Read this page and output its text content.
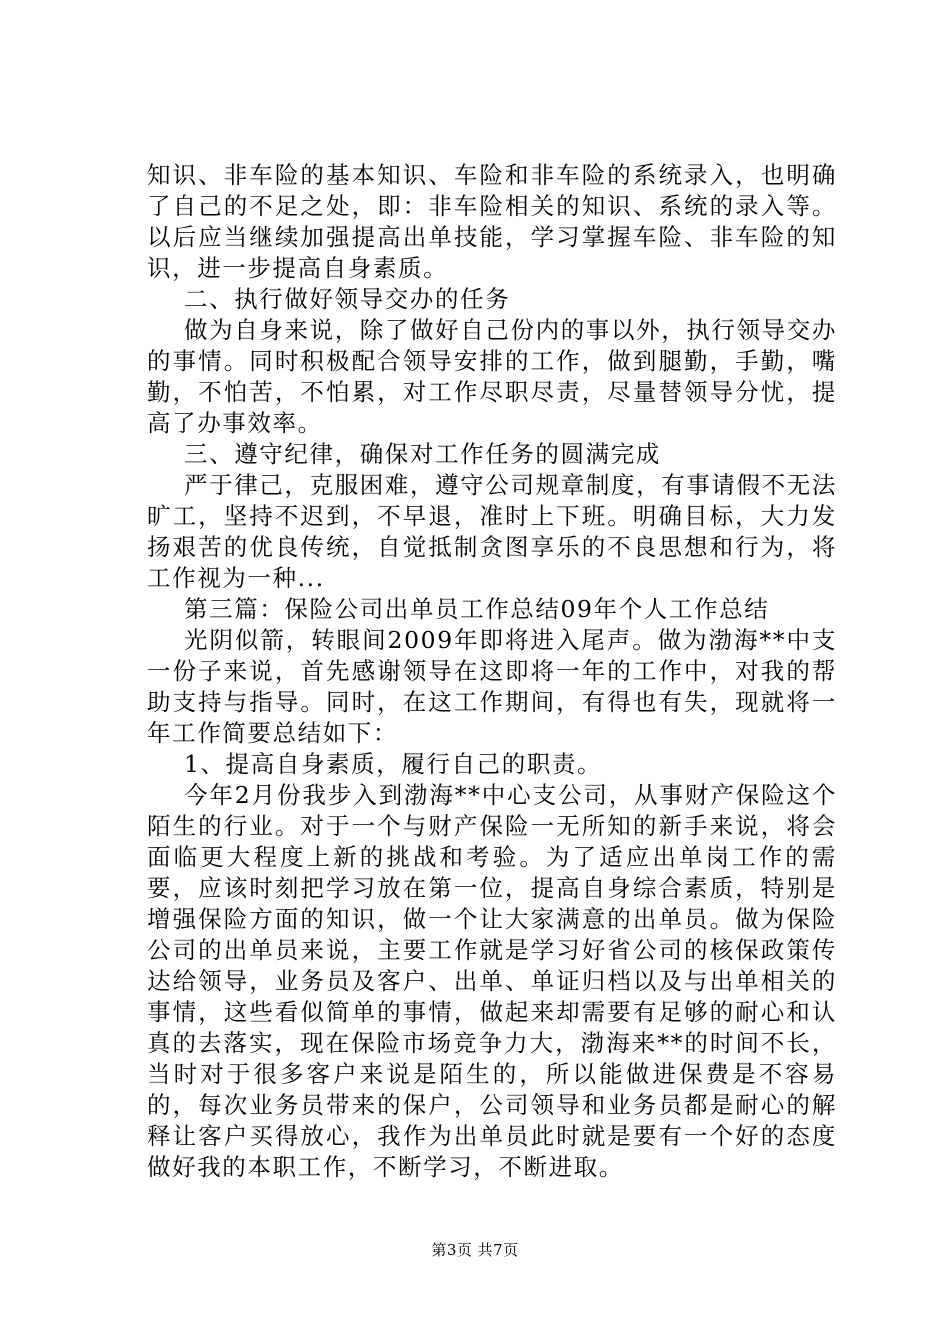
知识、非车险的基本知识、车险和非车险的系统录入，也明确了自己的不足之处，即：非车险相关的知识、系统的录入等。以后应当继续加强提高出单技能，学习掌握车险、非车险的知识，进一步提高自身素质。

二、执行做好领导交办的任务

做为自身来说，除了做好自己份内的事以外，执行领导交办的事情。同时积极配合领导安排的工作，做到腿勤，手勤，嘴勤，不怕苦，不怕累，对工作尽职尽责，尽量替领导分忧，提高了办事效率。

三、遵守纪律，确保对工作任务的圆满完成

严于律己，克服困难，遵守公司规章制度，有事请假不无法旷工，坚持不迟到，不早退，准时上下班。明确目标，大力发扬艰苦的优良传统，自觉抵制贪图享乐的不良思想和行为，将工作视为一种...

第三篇：保险公司出单员工作总结09年个人工作总结

光阴似箭，转眼间2009年即将进入尾声。做为渤海**中支一份子来说，首先感谢领导在这即将一年的工作中，对我的帮助支持与指导。同时，在这工作期间，有得也有失，现就将一年工作简要总结如下：

1、提高自身素质，履行自己的职责。

今年2月份我步入到渤海**中心支公司，从事财产保险这个陌生的行业。对于一个与财产保险一无所知的新手来说，将会面临更大程度上新的挑战和考验。为了适应出单岗工作的需要，应该时刻把学习放在第一位，提高自身综合素质，特别是增强保险方面的知识，做一个让大家满意的出单员。做为保险公司的出单员来说，主要工作就是学习好省公司的核保政策传达给领导，业务员及客户、出单、单证归档以及与出单相关的事情，这些看似简单的事情，做起来却需要有足够的耐心和认真的去落实，现在保险市场竞争力大，渤海来**的时间不长，当时对于很多客户来说是陌生的，所以能做进保费是不容易的，每次业务员带来的保户，公司领导和业务员都是耐心的解释让客户买得放心，我作为出单员此时就是要有一个好的态度做好我的本职工作，不断学习，不断进取。

第3页 共7页
